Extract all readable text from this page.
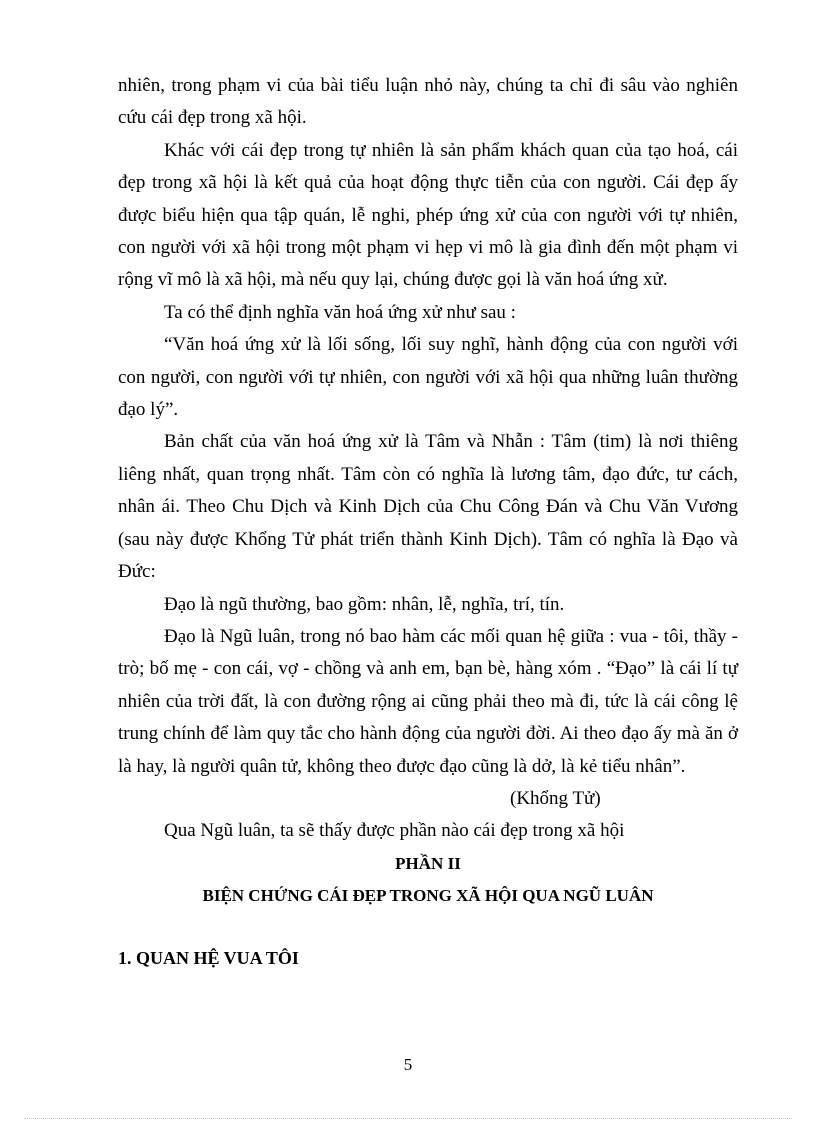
nhiên, trong phạm vi của bài tiểu luận nhỏ này, chúng ta chỉ đi sâu vào nghiên cứu cái đẹp trong xã hội.

Khác với cái đẹp trong tự nhiên là sản phẩm khách quan của tạo hoá, cái đẹp trong xã hội là kết quả của hoạt động thực tiễn của con người. Cái đẹp ấy được biểu hiện qua tập quán, lễ nghi, phép ứng xử của con người với tự nhiên, con người với xã hội trong một phạm vi hẹp vi mô là gia đình đến một phạm vi rộng vĩ mô là xã hội, mà nếu quy lại, chúng được gọi là văn hoá ứng xử.

Ta có thể định nghĩa văn hoá ứng xử như sau :

“Văn hoá ứng xử là lối sống, lối suy nghĩ, hành động của con người với con người, con người với tự nhiên, con người với xã hội qua những luân thường đạo lý”.

Bản chất của văn hoá ứng xử là Tâm và Nhẫn : Tâm (tim) là nơi thiêng liêng nhất, quan trọng nhất. Tâm còn có nghĩa là lương tâm, đạo đức, tư cách, nhân ái. Theo Chu Dịch và Kinh Dịch của Chu Công Đán và Chu Văn Vương (sau này được Khổng Tử phát triển thành Kinh Dịch). Tâm có nghĩa là Đạo và Đức:

Đạo là ngũ thường, bao gồm: nhân, lễ, nghĩa, trí, tín.

Đạo là Ngũ luân, trong nó bao hàm các mối quan hệ giữa : vua - tôi, thầy - trò; bố mẹ - con cái, vợ - chồng và anh em, bạn bè, hàng xóm . “Đạo” là cái lí tự nhiên của trời đất, là con đường rộng ai cũng phải theo mà đi, tức là cái công lệ trung chính để làm quy tắc cho hành động của người đời. Ai theo đạo ấy mà ăn ở là hay, là người quân tử, không theo được đạo cũng là dở, là kẻ tiểu nhân”.

(Khổng Tử)

Qua Ngũ luân, ta sẽ thấy được phần nào cái đẹp trong xã hội

PHẦN II

BIỆN CHỨNG CÁI ĐẸP TRONG XÃ HỘI QUA NGŨ LUÂN

1. QUAN HỆ VUA TÔI

5
